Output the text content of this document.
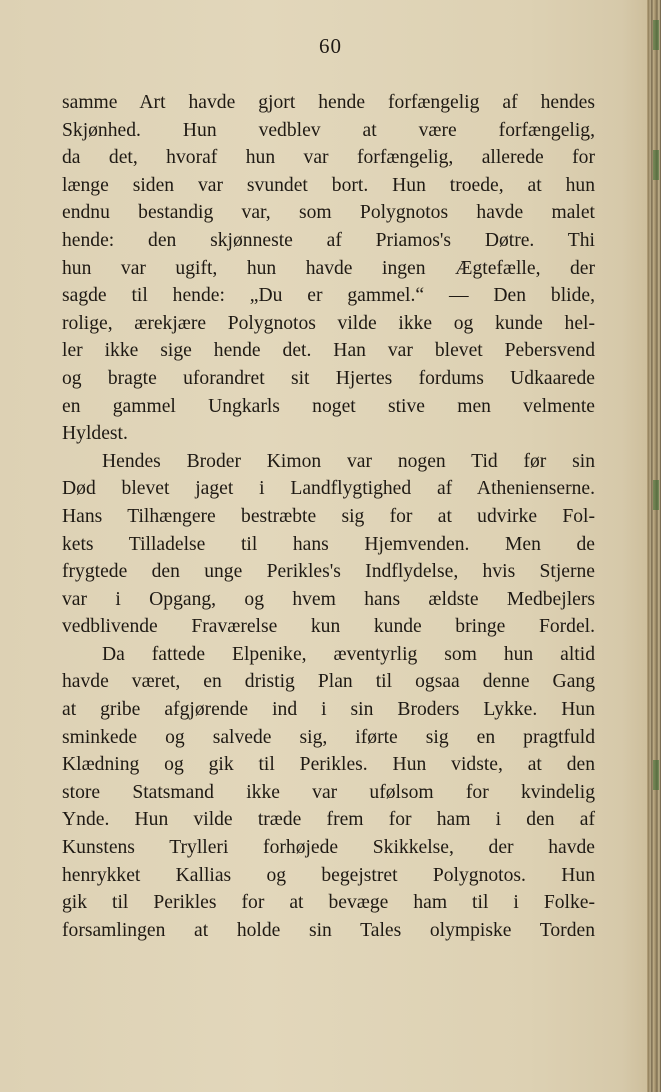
60
samme Art havde gjort hende forfængelig af hendes
Skjønhed. Hun vedblev at være forfængelig,
da det, hvoraf hun var forfængelig, allerede for
længe siden var svundet bort. Hun troede, at hun
endnu bestandig var, som Polygnotos havde malet
hende: den skjønneste af Priamos's Døtre. Thi
hun var ugift, hun havde ingen Ægtefælle, der
sagde til hende: „Du er gammel.“ — Den blide,
rolige, ærekjære Polygnotos vilde ikke og kunde hel-
ler ikke sige hende det. Han var blevet Pebersvend
og bragte uforandret sit Hjertes fordums Udkaarede
en gammel Ungkarls noget stive men velmente
Hyldest.
Hendes Broder Kimon var nogen Tid før sin
Død blevet jaget i Landflygtighed af Athenienserne.
Hans Tilhængere bestræbte sig for at udvirke Fol-
kets Tilladelse til hans Hjemvenden. Men de
frygtede den unge Perikles's Indflydelse, hvis Stjerne
var i Opgang, og hvem hans ældste Medbejlers
vedblivende Fraværelse kun kunde bringe Fordel.
Da fattede Elpenike, æventyrlig som hun altid
havde været, en dristig Plan til ogsaa denne Gang
at gribe afgjørende ind i sin Broders Lykke. Hun
sminkede og salvede sig, iførte sig en pragtfuld
Klædning og gik til Perikles. Hun vidste, at den
store Statsmand ikke var ufølsom for kvindelig
Ynde. Hun vilde træde frem for ham i den af
Kunstens Trylleri forhøjede Skikkelse, der havde
henrykket Kallias og begejstret Polygnotos. Hun
gik til Perikles for at bevæge ham til i Folke-
forsamlingen at holde sin Tales olympiske Torden
